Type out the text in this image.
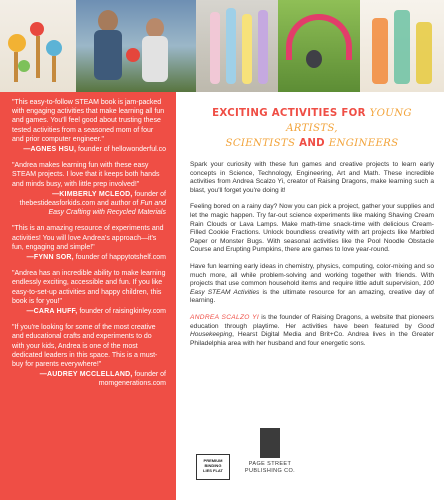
"This easy-to-follow STEAM book is jam-packed with engaging activities that make learning all fun and games. You'll feel good about trusting these tested activities from a seasoned mom of four and prior computer engineer."
—AGNES HSU, founder of hellowonderful.co
"Andrea makes learning fun with these easy STEAM projects. I love that it keeps both hands and minds busy, with little prep involved!"
—KIMBERLY MCLEOD, founder of thebestideasforkids.com and author of Fun and Easy Crafting with Recycled Materials
"This is an amazing resource of experiments and activities! You will love Andrea's approach—it's fun, engaging and simple!"
—FYNN SOR, founder of happytotshelf.com
"Andrea has an incredible ability to make learning endlessly exciting, accessible and fun. If you like easy-to-set-up activities and happy children, this book is for you!"
—CARA HUFF, founder of raisingkinley.com
"If you're looking for some of the most creative and educational crafts and experiments to do with your kids, Andrea is one of the most dedicated leaders in this space. This is a must-buy for parents everywhere!"
—AUDREY MCCLELLAND, founder of momgenerations.com
EXCITING ACTIVITIES FOR YOUNG ARTISTS,
SCIENTISTS AND ENGINEERS

Spark your curiosity with these fun games and creative projects to learn early concepts in Science, Technology, Engineering, Art and Math. These incredible activities from Andrea Scalzo Yi, creator of Raising Dragons, make learning such a blast, you'll forget you're doing it!

Feeling bored on a rainy day? Now you can pick a project, gather your supplies and let the magic happen. Try far-out science experiments like making Shaving Cream Rain Clouds or Lava Lamps. Make math-time snack-time with delicious Cream-Filled Cookie Fractions. Unlock boundless creativity with art projects like Marbled Paper or Monster Bugs. With seasonal activities like the Pool Noodle Obstacle Course and Erupting Pumpkins, there are games to love year-round.

Have fun learning early ideas in chemistry, physics, computing, color-mixing and so much more, all while problem-solving and working together with friends. With projects that use common household items and require little adult supervision, 100 Easy STEAM Activities is the ultimate resource for an amazing, creative day of learning.

ANDREA SCALZO YI is the founder of Raising Dragons, a website that pioneers education through playtime. Her activities have been featured by Good Housekeeping, Hearst Digital Media and Brit+Co. Andrea lives in the Greater Philadelphia area with her husband and four energetic sons.

PREMIUM BINDING
LIES FLAT
PAGE STREET
PUBLISHING CO.
